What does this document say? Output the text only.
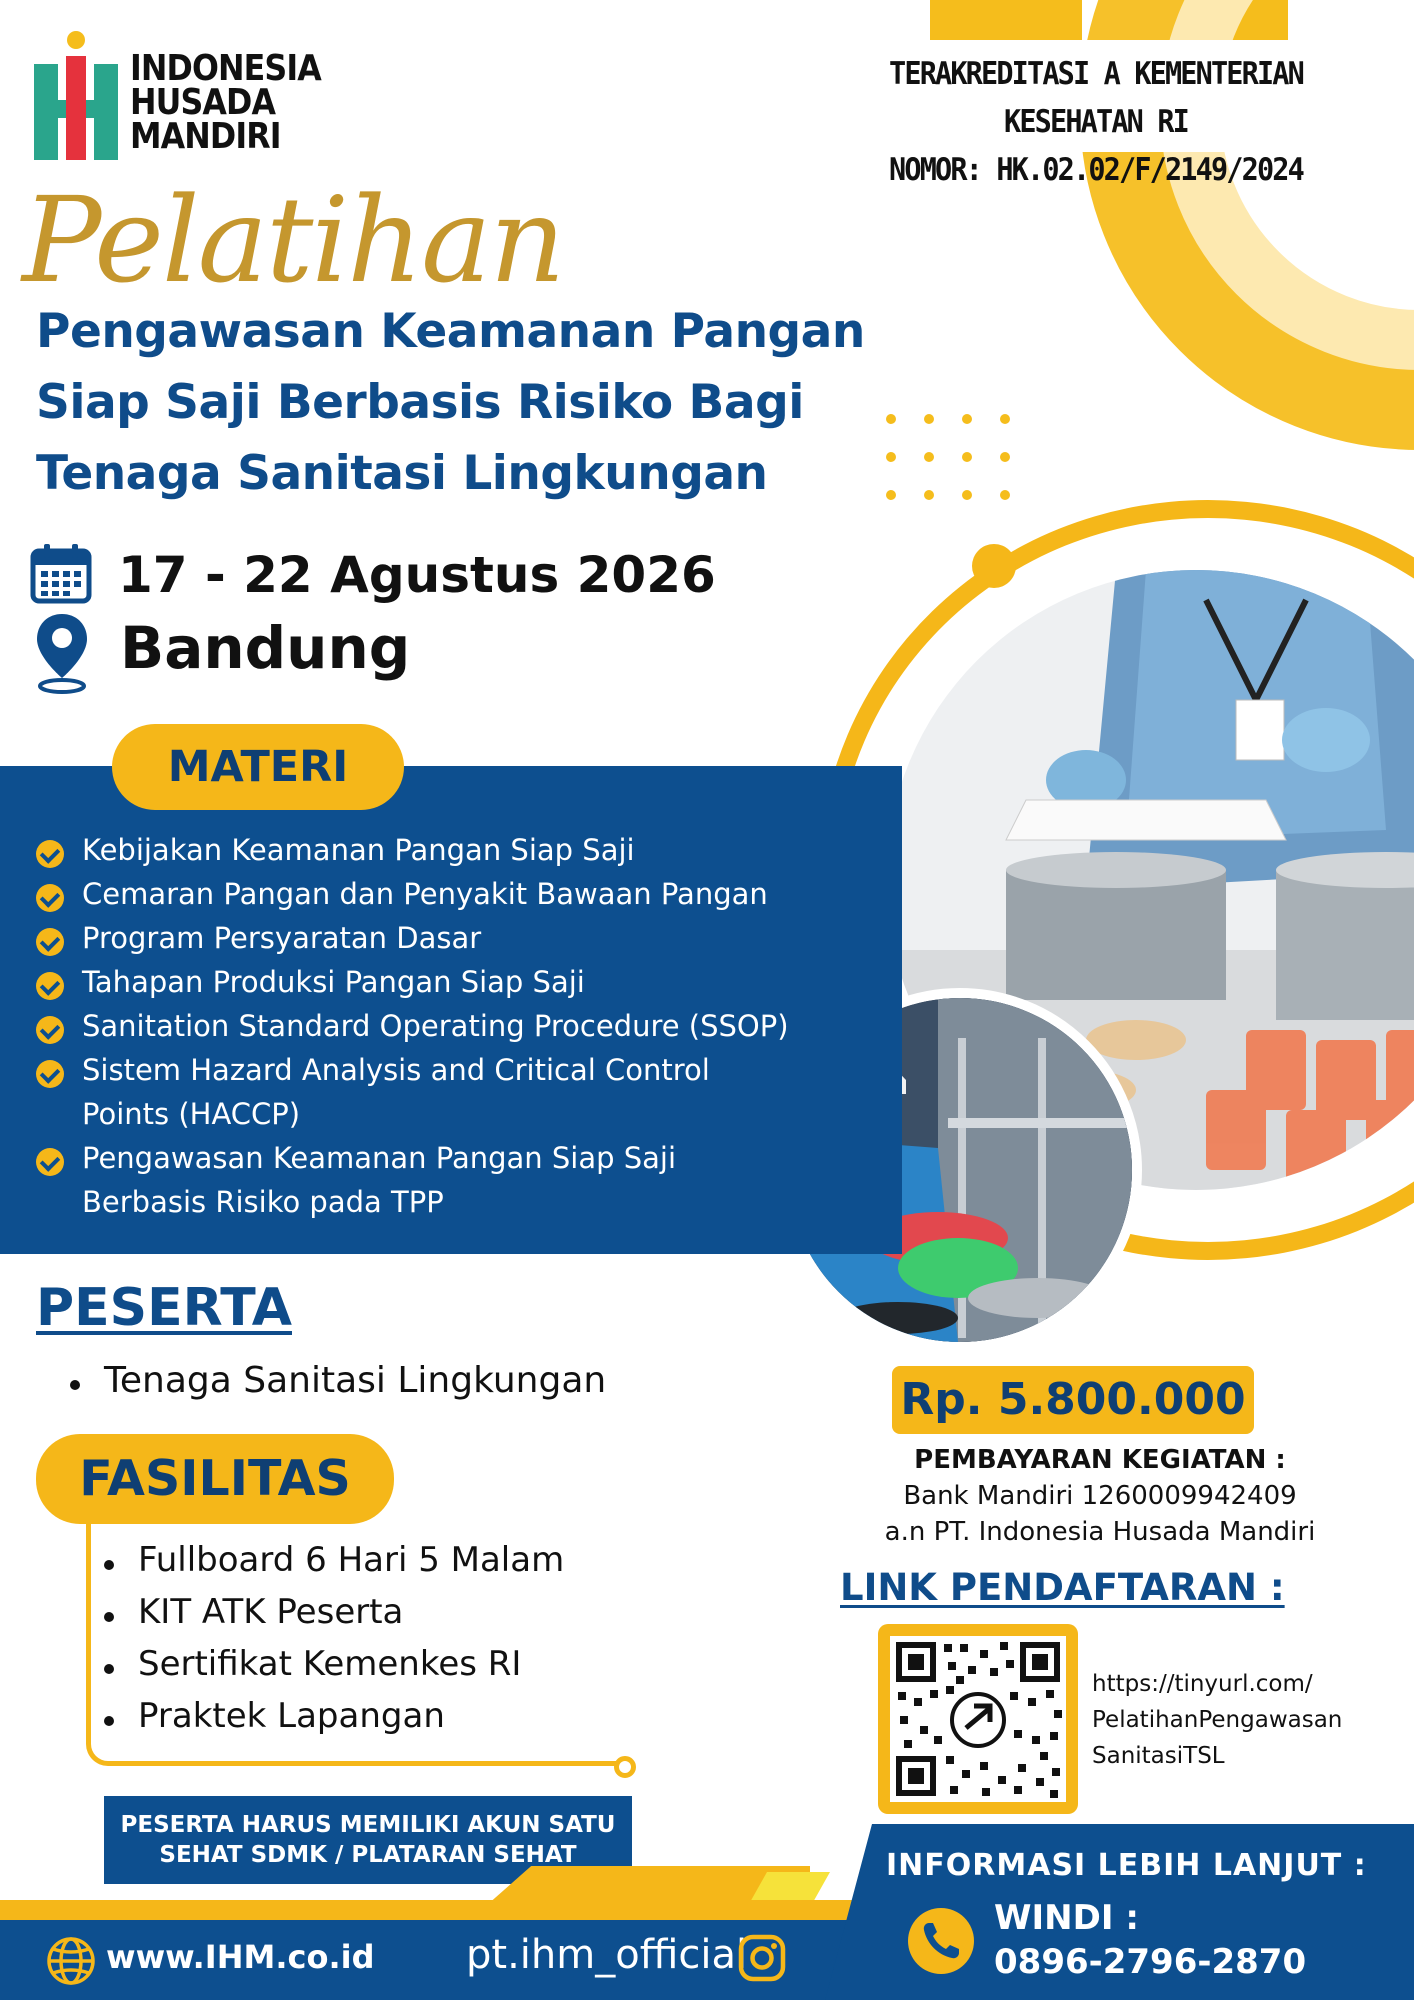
INDONESIA
HUSADA
MANDIRI
TERAKREDITASI A KEMENTERIAN KESEHATAN RI
NOMOR: HK.02.02/F/2149/2024
Pelatihan
Pengawasan Keamanan Pangan
Siap Saji Berbasis Risiko Bagi
Tenaga Sanitasi Lingkungan
17 - 22 Agustus 2026
Bandung
MATERI
Kebijakan Keamanan Pangan Siap Saji
Cemaran Pangan dan Penyakit Bawaan Pangan
Program Persyaratan Dasar
Tahapan Produksi Pangan Siap Saji
Sanitation Standard Operating Procedure (SSOP)
Sistem Hazard Analysis and Critical Control Points (HACCP)
Pengawasan Keamanan Pangan Siap Saji Berbasis Risiko pada TPP
PESERTA
Tenaga Sanitasi Lingkungan
FASILITAS
Fullboard 6 Hari 5 Malam
KIT ATK Peserta
Sertifikat Kemenkes RI
Praktek Lapangan
PESERTA HARUS MEMILIKI AKUN SATU
SEHAT SDMK / PLATARAN SEHAT
Rp. 5.800.000
PEMBAYARAN KEGIATAN :
Bank Mandiri 1260009942409
a.n PT. Indonesia Husada Mandiri
LINK PENDAFTARAN :
https://tinyurl.com/
PelatihanPengawasan
SanitasiTSL
www.IHM.co.id pt.ihm_official
INFORMASI LEBIH LANJUT :
WINDI :
0896-2796-2870
